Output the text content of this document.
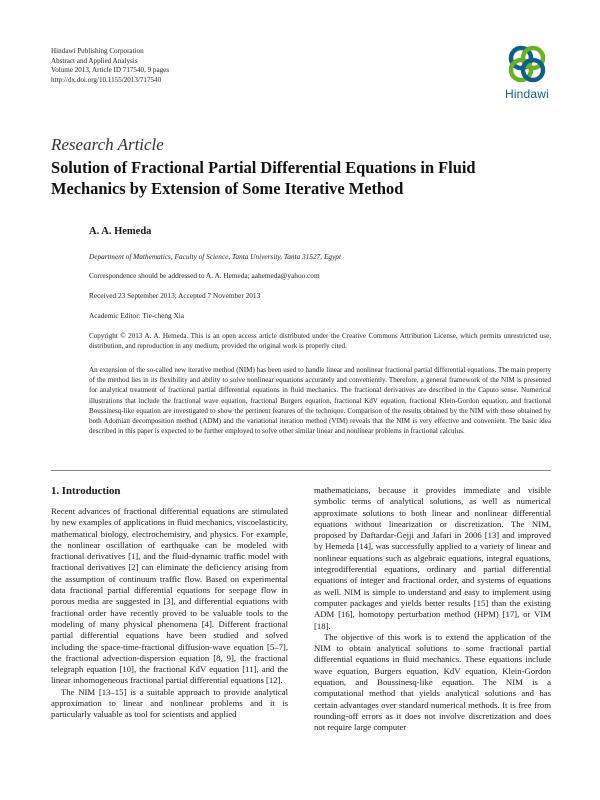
Hindawi Publishing Corporation
Abstract and Applied Analysis
Volume 2013, Article ID 717540, 9 pages
http://dx.doi.org/10.1155/2013/717540
Hindawi
Research Article
Solution of Fractional Partial Differential Equations in Fluid Mechanics by Extension of Some Iterative Method
A. A. Hemeda
Department of Mathematics, Faculty of Science, Tanta University, Tanta 31527, Egypt
Correspondence should be addressed to A. A. Hemeda; aahemeda@yahoo.com
Received 23 September 2013; Accepted 7 November 2013
Academic Editor: Tie-cheng Xia
Copyright © 2013 A. A. Hemeda. This is an open access article distributed under the Creative Commons Attribution License, which permits unrestricted use, distribution, and reproduction in any medium, provided the original work is properly cited.
An extension of the so-called new iterative method (NIM) has been used to handle linear and nonlinear fractional partial differential equations. The main property of the method lies in its flexibility and ability to solve nonlinear equations accurately and conveniently. Therefore, a general framework of the NIM is presented for analytical treatment of fractional partial differential equations in fluid mechanics. The fractional derivatives are described in the Caputo sense. Numerical illustrations that include the fractional wave equation, fractional Burgers equation, fractional KdV equation, fractional Klein-Gordon equation, and fractional Boussinesq-like equation are investigated to show the pertinent features of the technique. Comparison of the results obtained by the NIM with those obtained by both Adomian decomposition method (ADM) and the variational iteration method (VIM) reveals that the NIM is very effective and convenient. The basic idea described in this paper is expected to be further employed to solve other similar linear and nonlinear problems in fractional calculus.
1. Introduction

Recent advances of fractional differential equations are stimulated by new examples of applications in fluid mechanics, viscoelasticity, mathematical biology, electrochemistry, and physics. For example, the nonlinear oscillation of earthquake can be modeled with fractional derivatives [1], and the fluid-dynamic traffic model with fractional derivatives [2] can eliminate the deficiency arising from the assumption of continuum traffic flow. Based on experimental data fractional partial differential equations for seepage flow in porous media are suggested in [3], and differential equations with fractional order have recently proved to be valuable tools to the modeling of many physical phenomena [4]. Different fractional partial differential equations have been studied and solved including the space-time-fractional diffusion-wave equation [5–7], the fractional advection-dispersion equation [8, 9], the fractional telegraph equation [10], the fractional KdV equation [11], and the linear inhomogeneous fractional partial differential equations [12].

The NIM [13–15] is a suitable approach to provide analytical approximation to linear and nonlinear problems and it is particularly valuable as tool for scientists and applied

mathematicians, because it provides immediate and visible symbolic terms of analytical solutions, as well as numerical approximate solutions to both linear and nonlinear differential equations without linearization or discretization. The NIM, proposed by Daftardar-Gejji and Jafari in 2006 [13] and improved by Hemeda [14], was successfully applied to a variety of linear and nonlinear equations such as algebraic equations, integral equations, integrodifferential equations, ordinary and partial differential equations of integer and fractional order, and systems of equations as well. NIM is simple to understand and easy to implement using computer packages and yields better results [15] than the existing ADM [16], homotopy perturbation method (HPM) [17], or VIM [18].

The objective of this work is to extend the application of the NIM to obtain analytical solutions to some fractional partial differential equations in fluid mechanics. These equations include wave equation, Burgers equation, KdV equation, Klein-Gordon equation, and Boussinesq-like equation. The NIM is a computational method that yields analytical solutions and has certain advantages over standard numerical methods. It is free from rounding-off errors as it does not involve discretization and does not require large computer
